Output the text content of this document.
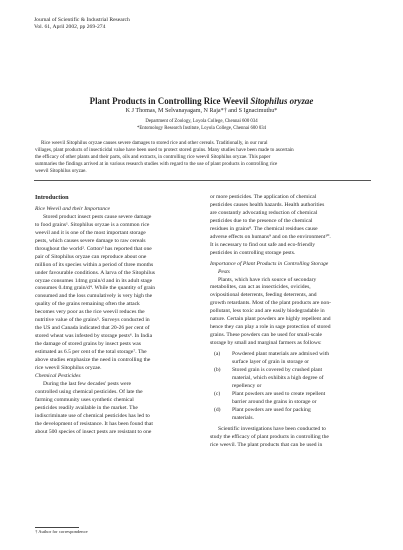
Journal of Scientific & Industrial Research
Vol. 61, April 2002, pp 269-274
Plant Products in Controlling Rice Weevil Sitophilus oryzae
K J Thomas, M Selvanayagam, N Raja*† and S Ignacimuthu*
Department of Zoology, Loyola College, Chennai 600 034
*Entomology Research Institute, Loyola College, Chennai 600 034
Rice weevil Sitophilus oryzae causes severe damages to stored rice and other cereals. Traditionally, in our rural
villages, plant products of insecticidal value have been used to protect stored grains. Many studies have been made to ascertain
the efficacy of other plants and their parts, oils and extracts, in controlling rice weevil Sitophilus oryzae. This paper
summaries the findings arrived at in various research studies with regard to the use of plant products in controlling rice
weevil Sitophilus oryzae.
Introduction
Rice Weevil and their Importance
Stored product insect pests cause severe damage
to food grains¹. Sitophilus oryzae is a common rice
weevil and it is one of the most important storage
pests, which causes severe damage to raw cereals
throughout the world². Cotton³ has reported that one
pair of Sitophilus oryzae can reproduce about one
million of its species within a period of three months
under favourable conditions. A larva of the Sitophilus
oryzae consumes 14mg grain/d and in its adult stage
consumes 0.4mg grain/d⁴. While the quantity of grain
consumed and the loss cumulatively is very high the
quality of the grains remaining often the attack
becomes very poor as the rice weevil reduces the
nutritive value of the grains⁵. Surveys conducted in
the US and Canada indicated that 20-26 per cent of
stored wheat was infested by storage pests⁶. In India
the damage of stored grains by insect pests was
estimated as 6.5 per cent of the total storage⁷. The
above studies emphasize the need in controlling the
rice weevil Sitophilus oryzae.
Chemical Pesticides
During the last few decades' pests were
controlled using chemical pesticides. Of late the
farming community uses synthetic chemical
pesticides readily available in the market. The
indiscriminate use of chemical pesticides has led to
the development of resistance. It has been found that
about 500 species of insect pests are resistant to one
or more pesticides. The application of chemical
pesticides causes health hazards. Health authorities
are constantly advocating reduction of chemical
pesticides due to the presence of the chemical
residues in grains⁸. The chemical residues cause
adverse effects on humans⁹ and on the environment¹⁰.
It is necessary to find out safe and eco-friendly
pesticides in controlling storage pests.
Importance of Plant Products in Controlling Storage
Pests
Plants, which have rich source of secondary
metabolites, can act as insecticides, ovicides,
ovipositional deterrents, feeding deterrents, and
growth retardants. Most of the plant products are non-
pollutant, less toxic and are easily biodegradable in
nature. Certain plant powders are highly repellent and
hence they can play a role in sage protection of stored
grains. These powders can be used for small-scale
storage by small and marginal farmers as follows:
(a)	Powdered plant materials are admixed with
surface layer of grain in storage or
(b)	Stored grain is covered by crushed plant
material, which exhibits a high degree of
repellency or
(c)	Plant powders are used to create repellent
barrier around the grains in storage or
(d)	Plant powders are used for packing
materials.
Scientific investigations have been conducted to
study the efficacy of plant products in controlling the
rice weevil. The plant products that can be used in
† Author for correspondence
